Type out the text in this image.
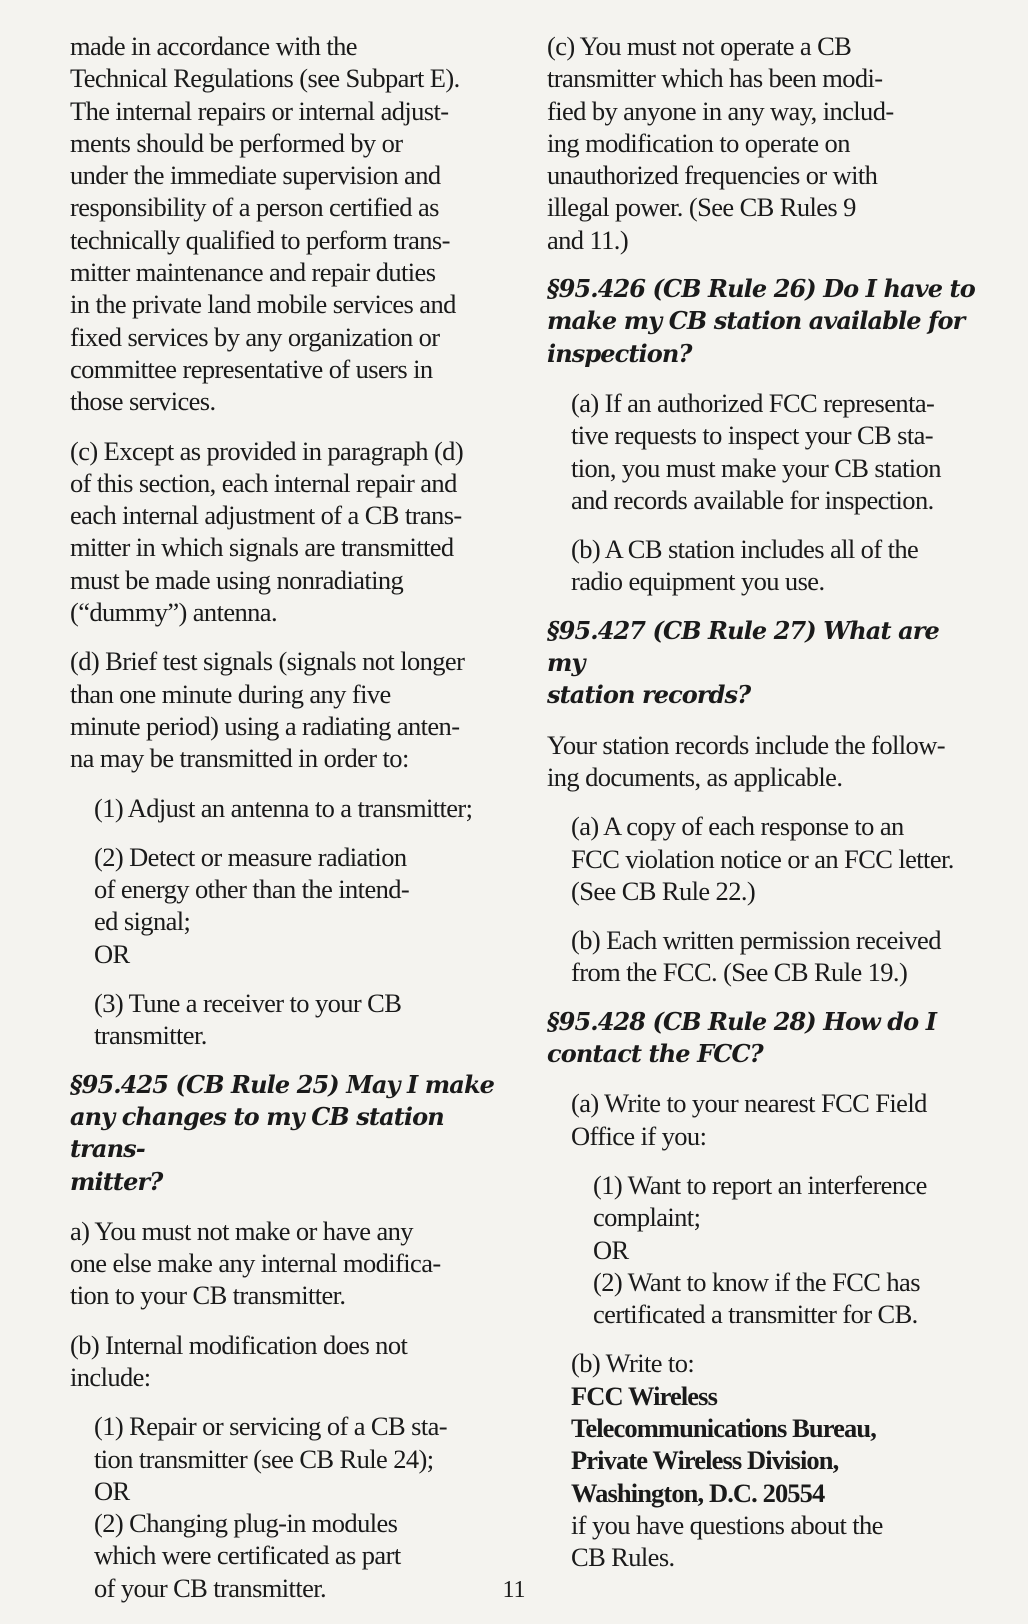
made in accordance with the
Technical Regulations (see Subpart E).
The internal repairs or internal adjust-
ments should be performed by or
under the immediate supervision and
responsibility of a person certified as
technically qualified to perform trans-
mitter maintenance and repair duties
in the private land mobile services and
fixed services by any organization or
committee representative of users in
those services.

(c) Except as provided in paragraph (d)
of this section, each internal repair and
each internal adjustment of a CB trans-
mitter in which signals are transmitted
must be made using nonradiating
(“dummy”) antenna.

(d) Brief test signals (signals not longer
than one minute during any five
minute period) using a radiating anten-
na may be transmitted in order to:

(1) Adjust an antenna to a transmitter;

(2) Detect or measure radiation
of energy other than the intend-
ed signal;
OR

(3) Tune a receiver to your CB
transmitter.

§95.425 (CB Rule 25) May I make
any changes to my CB station trans-
mitter?

a) You must not make or have any
one else make any internal modifica-
tion to your CB transmitter.

(b) Internal modification does not
include:

(1) Repair or servicing of a CB sta-
tion transmitter (see CB Rule 24);
OR
(2) Changing plug-in modules
which were certificated as part
of your CB transmitter.

(c) You must not operate a CB
transmitter which has been modi-
fied by anyone in any way, includ-
ing modification to operate on
unauthorized frequencies or with
illegal power. (See CB Rules 9
and 11.)

§95.426 (CB Rule 26) Do I have to
make my CB station available for
inspection?

(a) If an authorized FCC representa-
tive requests to inspect your CB sta-
tion, you must make your CB station
and records available for inspection.

(b) A CB station includes all of the
radio equipment you use.

§95.427 (CB Rule 27) What are my
station records?

Your station records include the follow-
ing documents, as applicable.

(a) A copy of each response to an
FCC violation notice or an FCC letter.
(See CB Rule 22.)

(b) Each written permission received
from the FCC. (See CB Rule 19.)

§95.428 (CB Rule 28) How do I
contact the FCC?

(a) Write to your nearest FCC Field
Office if you:

(1) Want to report an interference
complaint;
OR
(2) Want to know if the FCC has
certificated a transmitter for CB.

(b) Write to:

FCC Wireless
Telecommunications Bureau,
Private Wireless Division,
Washington, D.C. 20554

if you have questions about the
CB Rules.

11
